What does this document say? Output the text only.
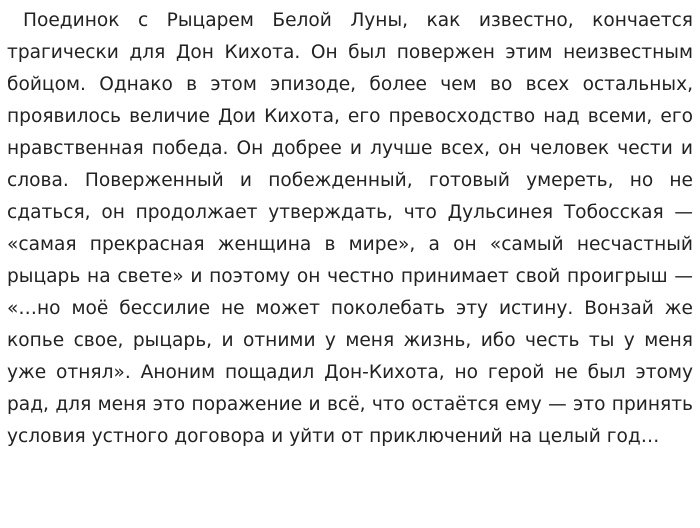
Поединок с Рыцарем Белой Луны, как известно, кончается трагически для Дон Кихота. Он был повержен этим неизвестным бойцом. Однако в этом эпизоде, более чем во всех остальных, проявилось величие Дои Кихота, его превосходство над всеми, его нравственная победа. Он добрее и лучше всех, он человек чести и слова. Поверженный и побежденный, готовый умереть, но не сдаться, он продолжает утверждать, что Дульсинея Тобосская — «самая прекрасная женщина в мире», а он «самый несчастный рыцарь на свете» и поэтому он честно принимает свой проигрыш — «…но моё бессилие не может поколебать эту истину. Вонзай же копье свое, рыцарь, и отними у меня жизнь, ибо честь ты у меня уже отнял». Аноним пощадил Дон-Кихота, но герой не был этому рад, для меня это поражение и всё, что остаётся ему — это принять условия устного договора и уйти от приключений на целый год…
